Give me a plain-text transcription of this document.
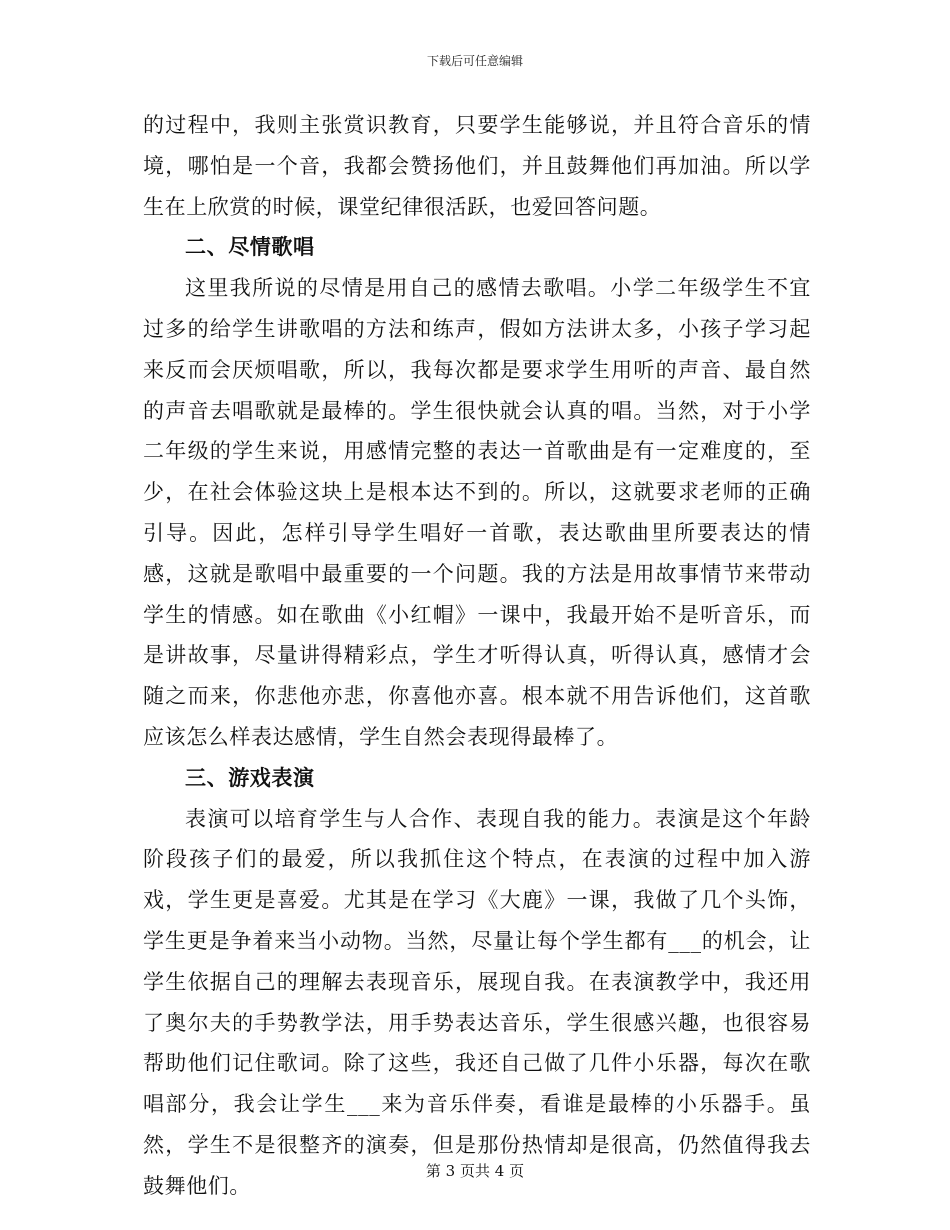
下载后可任意编辑

的过程中，我则主张赏识教育，只要学生能够说，并且符合音乐的情境，哪怕是一个音，我都会赞扬他们，并且鼓舞他们再加油。所以学生在上欣赏的时候，课堂纪律很活跃，也爱回答问题。

二、尽情歌唱

这里我所说的尽情是用自己的感情去歌唱。小学二年级学生不宜过多的给学生讲歌唱的方法和练声，假如方法讲太多，小孩子学习起来反而会厌烦唱歌，所以，我每次都是要求学生用听的声音、最自然的声音去唱歌就是最棒的。学生很快就会认真的唱。当然，对于小学二年级的学生来说，用感情完整的表达一首歌曲是有一定难度的，至少，在社会体验这块上是根本达不到的。所以，这就要求老师的正确引导。因此，怎样引导学生唱好一首歌，表达歌曲里所要表达的情感，这就是歌唱中最重要的一个问题。我的方法是用故事情节来带动学生的情感。如在歌曲《小红帽》一课中，我最开始不是听音乐，而是讲故事，尽量讲得精彩点，学生才听得认真，听得认真，感情才会随之而来，你悲他亦悲，你喜他亦喜。根本就不用告诉他们，这首歌应该怎么样表达感情，学生自然会表现得最棒了。

三、游戏表演

表演可以培育学生与人合作、表现自我的能力。表演是这个年龄阶段孩子们的最爱，所以我抓住这个特点，在表演的过程中加入游戏，学生更是喜爱。尤其是在学习《大鹿》一课，我做了几个头饰，学生更是争着来当小动物。当然，尽量让每个学生都有___的机会，让学生依据自己的理解去表现音乐，展现自我。在表演教学中，我还用了奥尔夫的手势教学法，用手势表达音乐，学生很感兴趣，也很容易帮助他们记住歌词。除了这些，我还自己做了几件小乐器，每次在歌唱部分，我会让学生___来为音乐伴奏，看谁是最棒的小乐器手。虽然，学生不是很整齐的演奏，但是那份热情却是很高，仍然值得我去鼓舞他们。

第 3 页共 4 页
